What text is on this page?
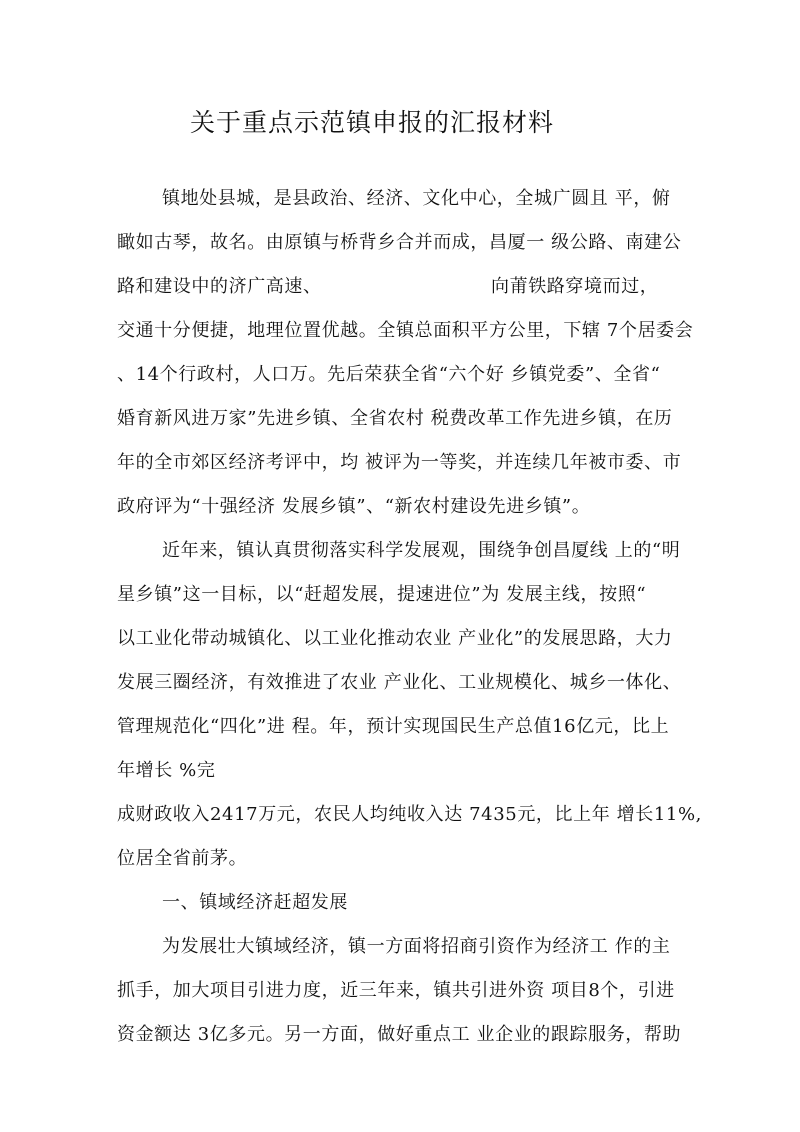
关于重点示范镇申报的汇报材料

镇地处县城，是县政治、经济、文化中心，全城广圆且 平，俯

瞰如古琴，故名。由原镇与桥背乡合并而成，昌厦一 级公路、南建公

路和建设中的济广高速、	向莆铁路穿境而过，

交通十分便捷，地理位置优越。全镇总面积平方公里，下辖 7个居委会

、14个行政村，人口万。先后荣获全省“六个好 乡镇党委”、全省“

婚育新风进万家”先进乡镇、全省农村 税费改革工作先进乡镇，在历

年的全市郊区经济考评中，均 被评为一等奖，并连续几年被市委、市

政府评为“十强经济 发展乡镇”、“新农村建设先进乡镇”。

近年来，镇认真贯彻落实科学发展观，围绕争创昌厦线 上的“明

星乡镇”这一目标，以“赶超发展，提速进位”为 发展主线，按照“

以工业化带动城镇化、以工业化推动农业 产业化”的发展思路，大力

发展三圈经济，有效推进了农业 产业化、工业规模化、城乡一体化、

管理规范化“四化”进 程。年，预计实现国民生产总值16亿元，比上

年增长 %完

成财政收入2417万元，农民人均纯收入达 7435元，比上年 增长11%,

位居全省前茅。

一、镇域经济赶超发展

为发展壮大镇域经济，镇一方面将招商引资作为经济工 作的主

抓手，加大项目引进力度，近三年来，镇共引进外资 项目8个，引进

资金额达 3亿多元。另一方面，做好重点工 业企业的跟踪服务，帮助
